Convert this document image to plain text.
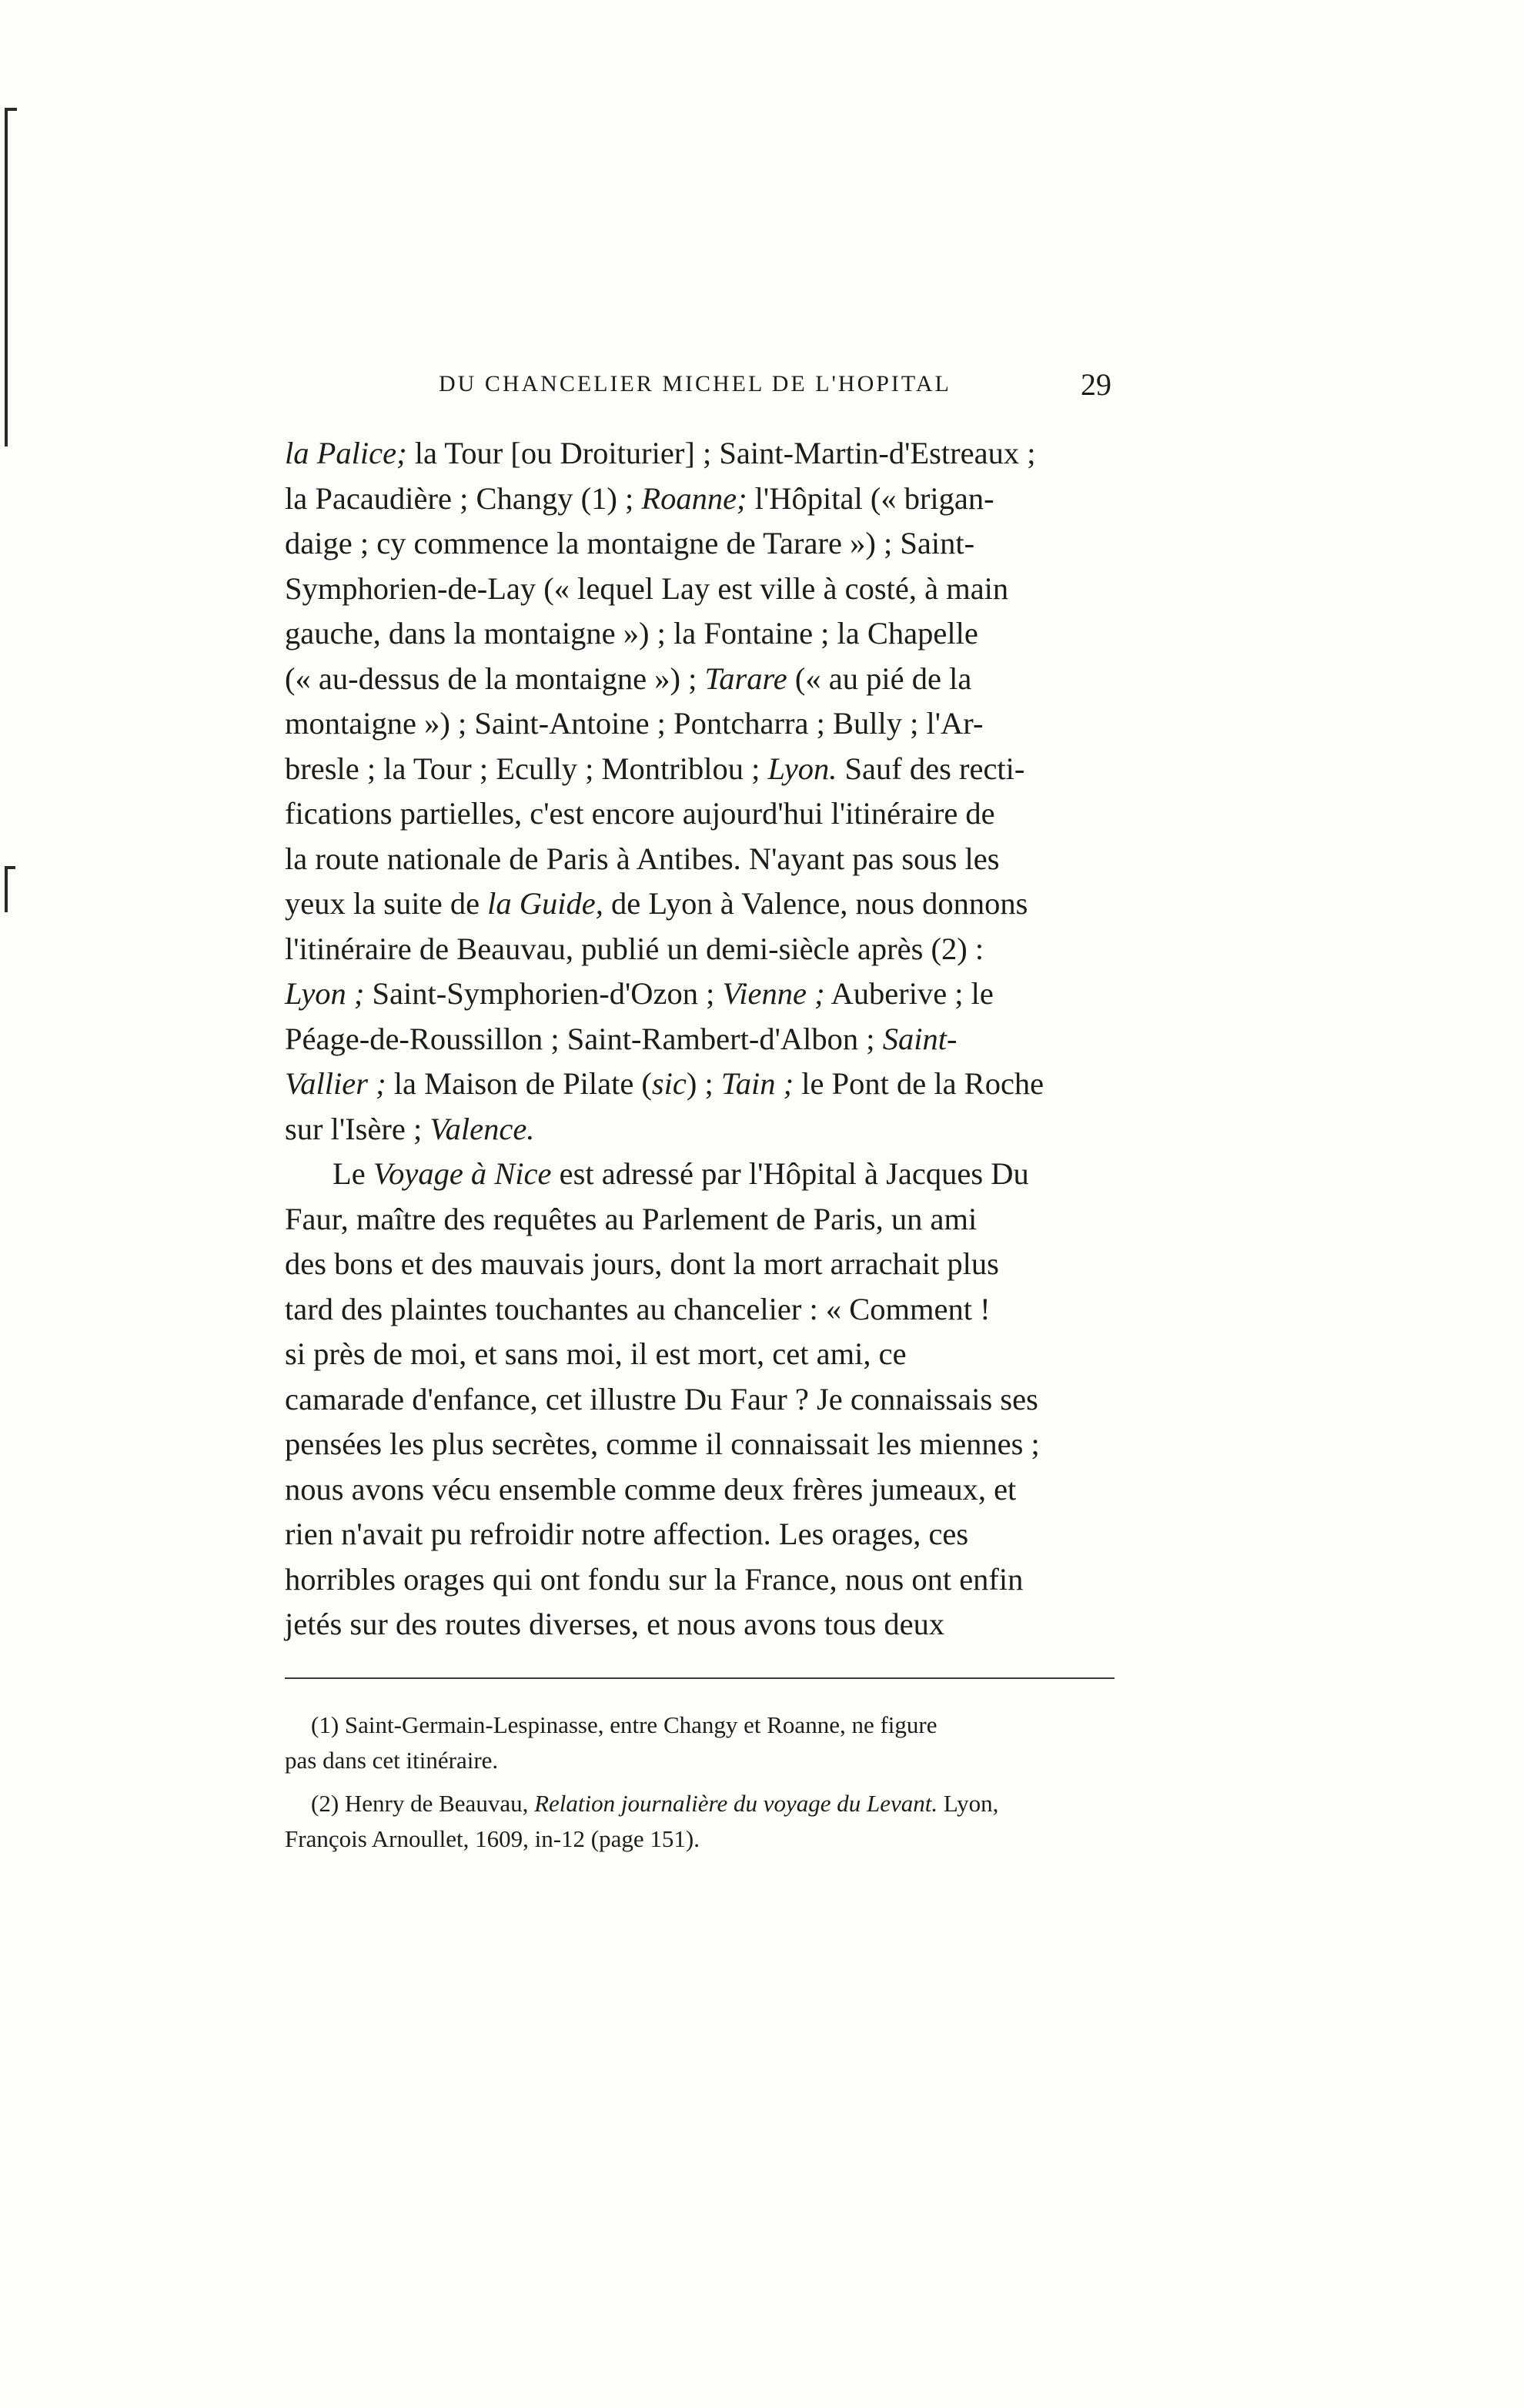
DU CHANCELIER MICHEL DE L'HOPITAL	29
la Palice; la Tour [ou Droiturier] ; Saint-Martin-d'Estreaux ;
la Pacaudière ; Changy (1) ; Roanne; l'Hôpital (« brigan-
daige ; cy commence la montaigne de Tarare ») ; Saint-
Symphorien-de-Lay (« lequel Lay est ville à costé, à main
gauche, dans la montaigne ») ; la Fontaine ; la Chapelle
(« au-dessus de la montaigne ») ; Tarare (« au pié de la
montaigne ») ; Saint-Antoine ; Pontcharra ; Bully ; l'Ar-
bresle ; la Tour ; Ecully ; Montriblou ; Lyon. Sauf des recti-
fications partielles, c'est encore aujourd'hui l'itinéraire de
la route nationale de Paris à Antibes. N'ayant pas sous les
yeux la suite de la Guide, de Lyon à Valence, nous donnons
l'itinéraire de Beauvau, publié un demi-siècle après (2) :
Lyon ; Saint-Symphorien-d'Ozon ; Vienne ; Auberive ; le
Péage-de-Roussillon ; Saint-Rambert-d'Albon ; Saint-
Vallier ; la Maison de Pilate (sic) ; Tain ; le Pont de la Roche
sur l'Isère ; Valence.
Le Voyage à Nice est adressé par l'Hôpital à Jacques Du
Faur, maître des requêtes au Parlement de Paris, un ami
des bons et des mauvais jours, dont la mort arrachait plus
tard des plaintes touchantes au chancelier : « Comment !
si près de moi, et sans moi, il est mort, cet ami, ce
camarade d'enfance, cet illustre Du Faur ? Je connaissais ses
pensées les plus secrètes, comme il connaissait les miennes ;
nous avons vécu ensemble comme deux frères jumeaux, et
rien n'avait pu refroidir notre affection. Les orages, ces
horribles orages qui ont fondu sur la France, nous ont enfin
jetés sur des routes diverses, et nous avons tous deux
(1) Saint-Germain-Lespinasse, entre Changy et Roanne, ne figure
pas dans cet itinéraire.
(2) Henry de Beauvau, Relation journalière du voyage du Levant. Lyon,
François Arnoullet, 1609, in-12 (page 151).
